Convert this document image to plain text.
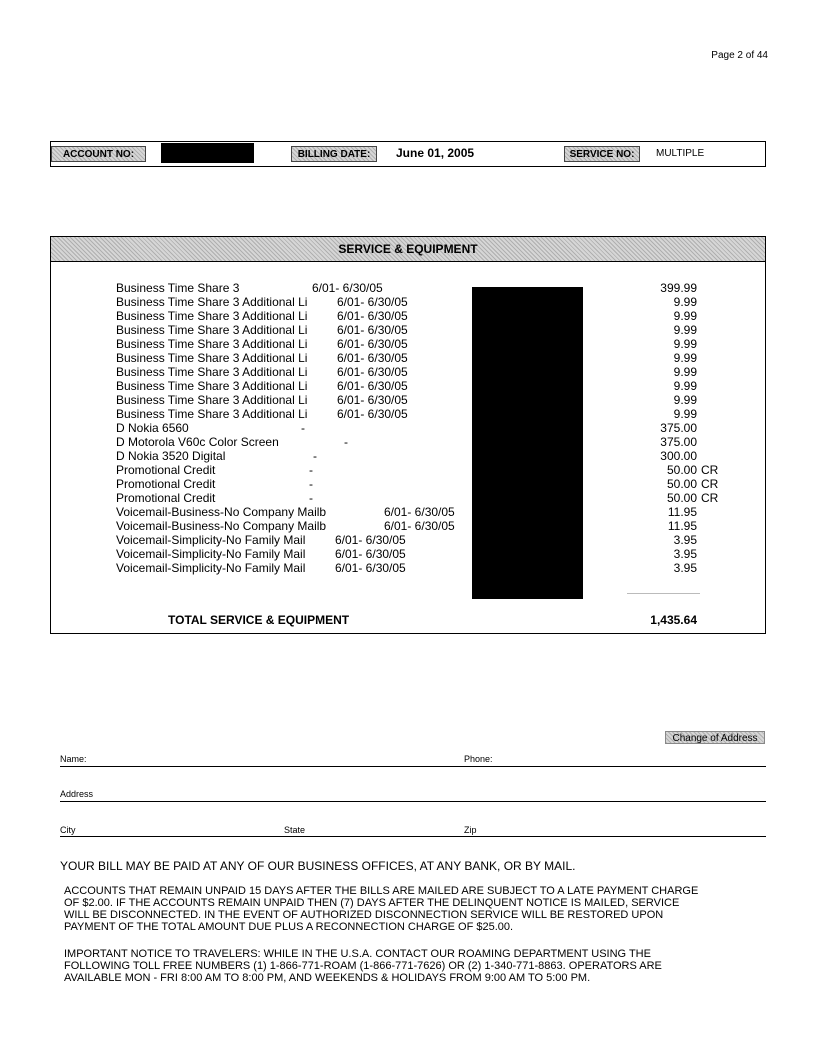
Page 2 of 44
ACCOUNT NO:	BILLING DATE:	June 01, 2005	SERVICE NO:	MULTIPLE
SERVICE & EQUIPMENT
Business Time Share 3	6/01- 6/30/05	399.99
Business Time Share 3 Additional Li 6/01- 6/30/05	9.99
Business Time Share 3 Additional Li 6/01- 6/30/05	9.99
Business Time Share 3 Additional Li 6/01- 6/30/05	9.99
Business Time Share 3 Additional Li 6/01- 6/30/05	9.99
Business Time Share 3 Additional Li 6/01- 6/30/05	9.99
Business Time Share 3 Additional Li 6/01- 6/30/05	9.99
Business Time Share 3 Additional Li 6/01- 6/30/05	9.99
Business Time Share 3 Additional Li 6/01- 6/30/05	9.99
Business Time Share 3 Additional Li 6/01- 6/30/05	9.99
D Nokia 6560	-	375.00
D Motorola V60c Color Screen	-	375.00
D Nokia 3520 Digital	-	300.00
Promotional Credit	-	50.00 CR
Promotional Credit	-	50.00 CR
Promotional Credit	-	50.00 CR
Voicemail-Business-No Company Mailb	6/01- 6/30/05	11.95
Voicemail-Business-No Company Mailb	6/01- 6/30/05	11.95
Voicemail-Simplicity-No Family Mail 6/01- 6/30/05	3.95
Voicemail-Simplicity-No Family Mail 6/01- 6/30/05	3.95
Voicemail-Simplicity-No Family Mail 6/01- 6/30/05	3.95
TOTAL SERVICE & EQUIPMENT	1,435.64
Change of Address
Name:	Phone:
Address
City	State	Zip
YOUR BILL MAY BE PAID AT ANY OF OUR BUSINESS OFFICES, AT ANY BANK, OR BY MAIL.
ACCOUNTS THAT REMAIN UNPAID 15 DAYS AFTER THE BILLS ARE MAILED ARE SUBJECT TO A LATE PAYMENT CHARGE
OF $2.00. IF THE ACCOUNTS REMAIN UNPAID THEN (7) DAYS AFTER THE DELINQUENT NOTICE IS MAILED, SERVICE
WILL BE DISCONNECTED. IN THE EVENT OF AUTHORIZED DISCONNECTION SERVICE WILL BE RESTORED UPON
PAYMENT OF THE TOTAL AMOUNT DUE PLUS A RECONNECTION CHARGE OF $25.00.
IMPORTANT NOTICE TO TRAVELERS: WHILE IN THE U.S.A. CONTACT OUR ROAMING DEPARTMENT USING THE
FOLLOWING TOLL FREE NUMBERS (1) 1-866-771-ROAM (1-866-771-7626) OR (2) 1-340-771-8863. OPERATORS ARE
AVAILABLE MON - FRI 8:00 AM TO 8:00 PM, AND WEEKENDS & HOLIDAYS FROM 9:00 AM TO 5:00 PM.
